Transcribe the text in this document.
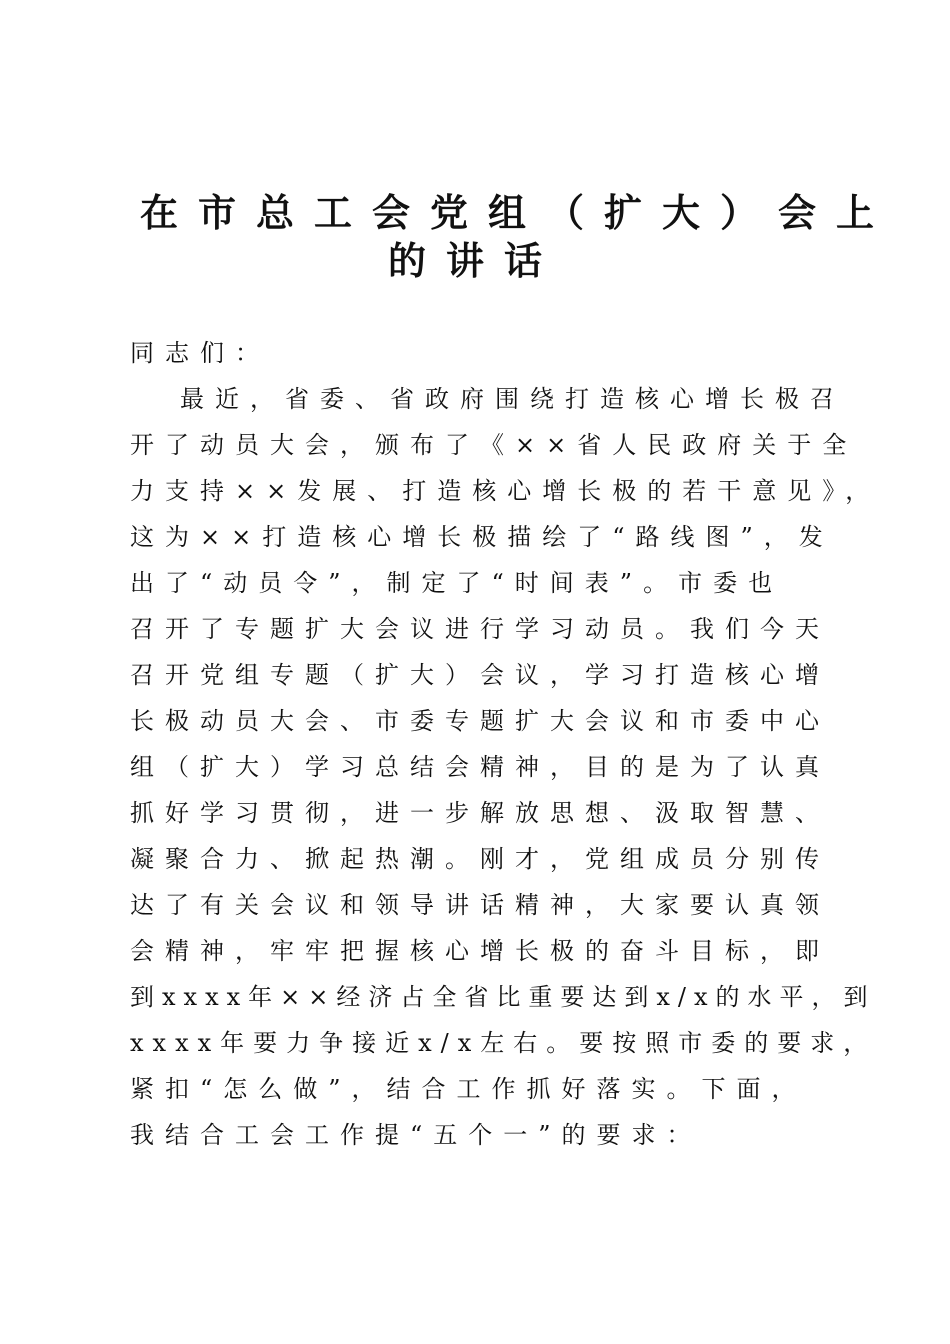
在市总工会党组（扩大）会上
的讲话
同志们：
最近，省委、省政府围绕打造核心增长极召
开了动员大会，颁布了《××省人民政府关于全
力支持××发展、打造核心增长极的若干意见》，
这为××打造核心增长极描绘了“路线图”，发
出了“动员令”，制定了“时间表”。市委也
召开了专题扩大会议进行学习动员。我们今天
召开党组专题（扩大）会议，学习打造核心增
长极动员大会、市委专题扩大会议和市委中心
组（扩大）学习总结会精神，目的是为了认真
抓好学习贯彻，进一步解放思想、汲取智慧、
凝聚合力、掀起热潮。刚才，党组成员分别传
达了有关会议和领导讲话精神，大家要认真领
会精神，牢牢把握核心增长极的奋斗目标，即
到xxxx年××经济占全省比重要达到x/x的水平，到
xxxx年要力争接近x/x左右。要按照市委的要求，
紧扣“怎么做”，结合工作抓好落实。下面，
我结合工会工作提“五个一”的要求：
